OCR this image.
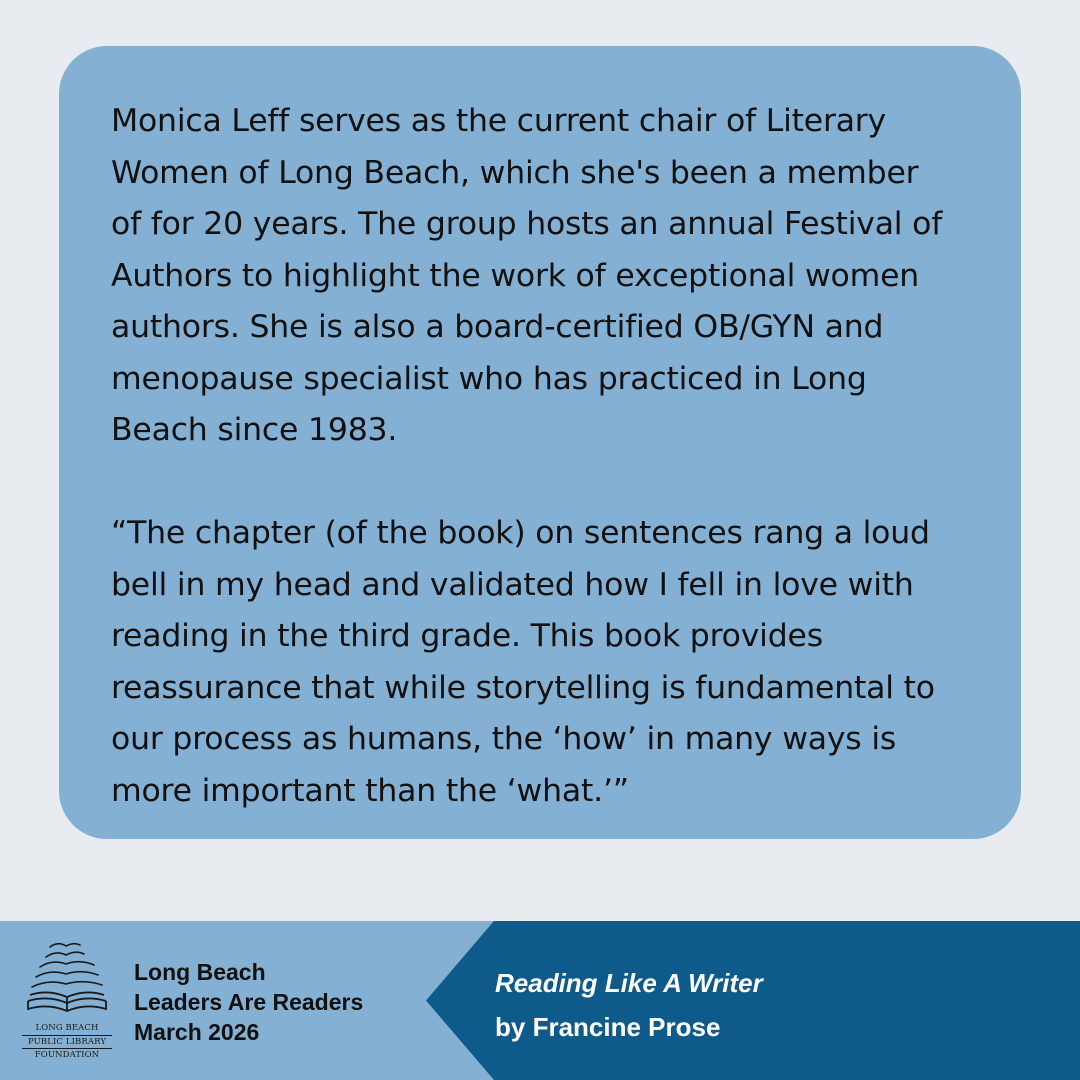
Monica Leff serves as the current chair of Literary
Women of Long Beach, which she's been a member
of for 20 years. The group hosts an annual Festival of
Authors to highlight the work of exceptional women
authors. She is also a board-certified OB/GYN and
menopause specialist who has practiced in Long
Beach since 1983.

“The chapter (of the book) on sentences rang a loud
bell in my head and validated how I fell in love with
reading in the third grade. This book provides
reassurance that while storytelling is fundamental to
our process as humans, the ‘how’ in many ways is
more important than the ‘what.’”

LONG BEACH
PUBLIC LIBRARY
FOUNDATION
Long Beach
Leaders Are Readers
March 2026
Reading Like A Writer
by Francine Prose
